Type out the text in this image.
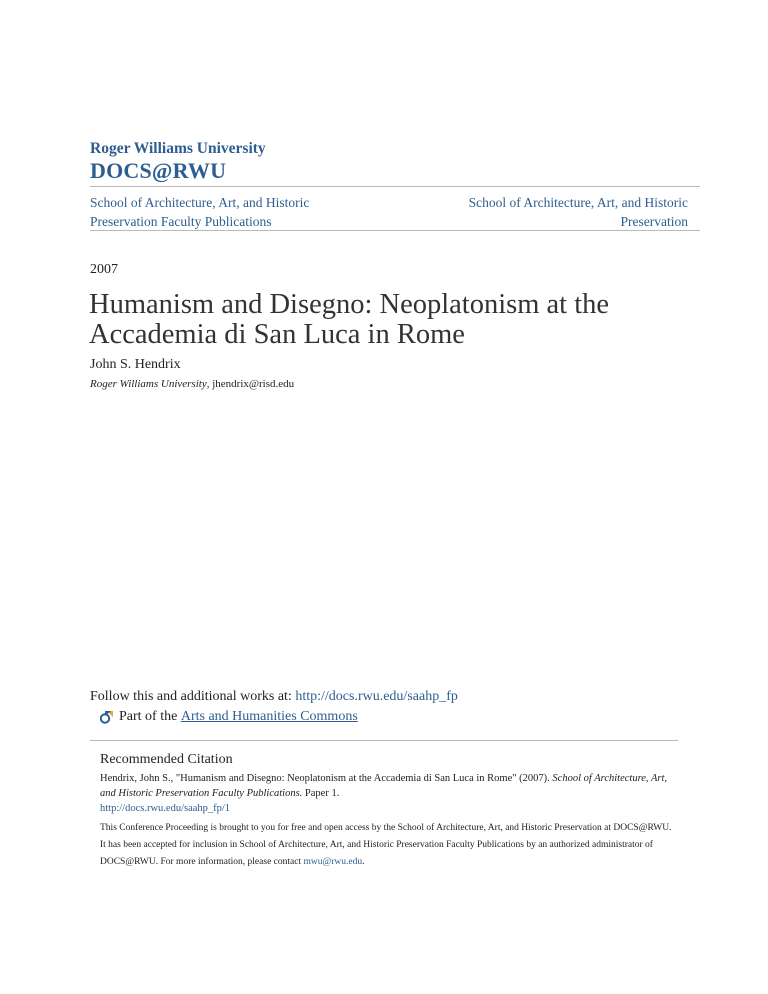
Roger Williams University
DOCS@RWU
School of Architecture, Art, and Historic Preservation Faculty Publications
School of Architecture, Art, and Historic Preservation
2007
Humanism and Disegno: Neoplatonism at the Accademia di San Luca in Rome
John S. Hendrix
Roger Williams University, jhendrix@risd.edu
Follow this and additional works at: http://docs.rwu.edu/saahp_fp
Part of the Arts and Humanities Commons
Recommended Citation
Hendrix, John S., "Humanism and Disegno: Neoplatonism at the Accademia di San Luca in Rome" (2007). School of Architecture, Art, and Historic Preservation Faculty Publications. Paper 1.
http://docs.rwu.edu/saahp_fp/1
This Conference Proceeding is brought to you for free and open access by the School of Architecture, Art, and Historic Preservation at DOCS@RWU.
It has been accepted for inclusion in School of Architecture, Art, and Historic Preservation Faculty Publications by an authorized administrator of
DOCS@RWU. For more information, please contact mwu@rwu.edu.
